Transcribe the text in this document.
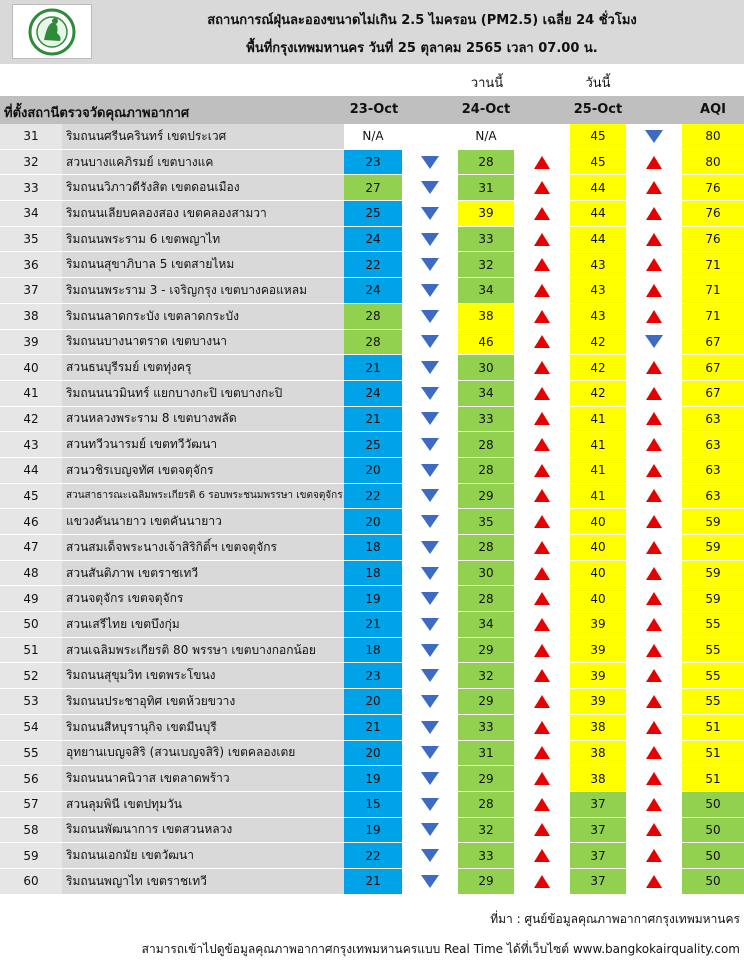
สถานการณ์ฝุ่นละอองขนาดไม่เกิน 2.5 ไมครอน (PM2.5) เฉลี่ย 24 ชั่วโมง
พื้นที่กรุงเทพมหานคร วันที่ 25 ตุลาคม 2565 เวลา 07.00 น.
วานนี้	วันนี้
ที่ตั้งสถานีตรวจวัดคุณภาพอากาศ	23-Oct	24-Oct	25-Oct	AQI
31	ริมถนนศรีนครินทร์ เขตประเวศ	N/A	N/A	45	80
32	สวนบางแคภิรมย์ เขตบางแค	23	28	45	80
33	ริมถนนวิภาวดีรังสิต เขตดอนเมือง	27	31	44	76
34	ริมถนนเลียบคลองสอง เขตคลองสามวา	25	39	44	76
35	ริมถนนพระราม 6 เขตพญาไท	24	33	44	76
36	ริมถนนสุขาภิบาล 5 เขตสายไหม	22	32	43	71
37	ริมถนนพระราม 3 - เจริญกรุง เขตบางคอแหลม	24	34	43	71
38	ริมถนนลาดกระบัง เขตลาดกระบัง	28	38	43	71
39	ริมถนนบางนาตราด เขตบางนา	28	46	42	67
40	สวนธนบุรีรมย์ เขตทุ่งครุ	21	30	42	67
41	ริมถนนนวมินทร์ แยกบางกะปิ เขตบางกะปิ	24	34	42	67
42	สวนหลวงพระราม 8 เขตบางพลัด	21	33	41	63
43	สวนทวีวนารมย์ เขตทวีวัฒนา	25	28	41	63
44	สวนวชิรเบญจทัศ เขตจตุจักร	20	28	41	63
45	สวนสาธารณะเฉลิมพระเกียรติ 6 รอบพระชนมพรรษา เขตจตุจักร	22	29	41	63
46	แขวงคันนายาว เขตคันนายาว	20	35	40	59
47	สวนสมเด็จพระนางเจ้าสิริกิติ์ฯ เขตจตุจักร	18	28	40	59
48	สวนสันติภาพ เขตราชเทวี	18	30	40	59
49	สวนจตุจักร เขตจตุจักร	19	28	40	59
50	สวนเสรีไทย เขตบึงกุ่ม	21	34	39	55
51	สวนเฉลิมพระเกียรติ 80 พรรษา เขตบางกอกน้อย	18	29	39	55
52	ริมถนนสุขุมวิท เขตพระโขนง	23	32	39	55
53	ริมถนนประชาอุทิศ เขตห้วยขวาง	20	29	39	55
54	ริมถนนสีหบุรานุกิจ เขตมีนบุรี	21	33	38	51
55	อุทยานเบญจสิริ (สวนเบญจสิริ) เขตคลองเตย	20	31	38	51
56	ริมถนนนาคนิวาส เขตลาดพร้าว	19	29	38	51
57	สวนลุมพินี เขตปทุมวัน	15	28	37	50
58	ริมถนนพัฒนาการ เขตสวนหลวง	19	32	37	50
59	ริมถนนเอกมัย เขตวัฒนา	22	33	37	50
60	ริมถนนพญาไท เขตราชเทวี	21	29	37	50
ที่มา : ศูนย์ข้อมูลคุณภาพอากาศกรุงเทพมหานคร
สามารถเข้าไปดูข้อมูลคุณภาพอากาศกรุงเทพมหานครแบบ Real Time ได้ที่เว็บไซต์ www.bangkokairquality.com
